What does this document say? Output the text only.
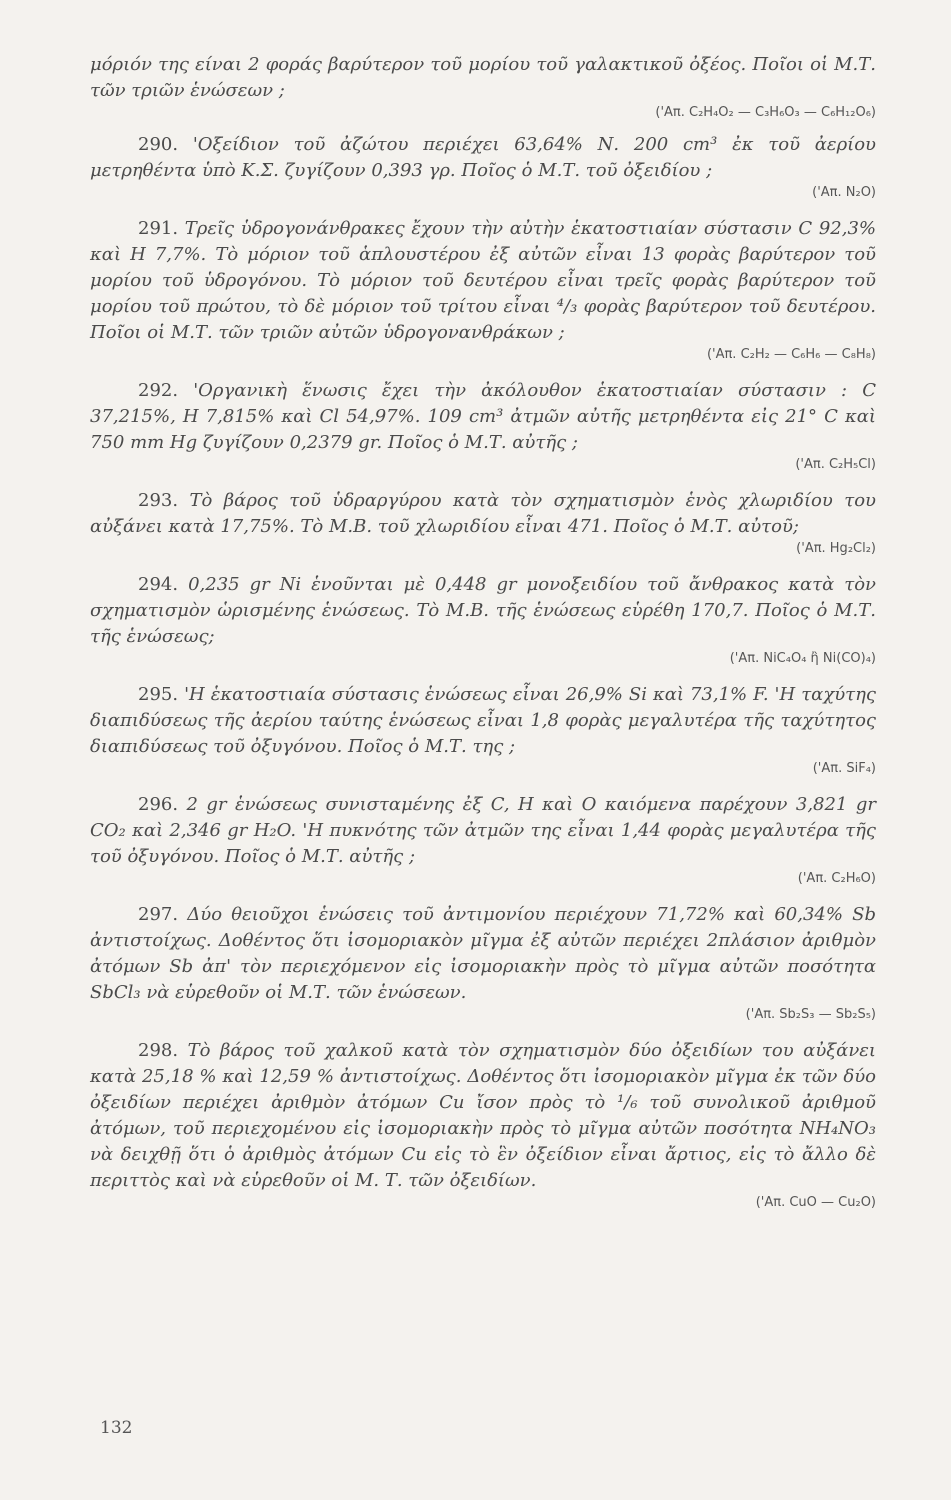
μόριόν της είναι 2 φοράς βαρύτερον τοῦ μορίου τοῦ γαλακτικοῦ ὀξέος. Ποῖοι οἱ Μ.Τ. τῶν τριῶν ἑνώσεων ;

('Απ. C₂H₄O₂ — C₃H₆O₃ — C₆H₁₂O₆)

290. 'Οξείδιον τοῦ ἀζώτου περιέχει 63,64% Ν. 200 cm³ ἐκ τοῦ ἀερίου μετρηθέντα ὑπὸ Κ.Σ. ζυγίζουν 0,393 γρ. Ποῖος ὁ Μ.Τ. τοῦ ὀξειδίου ;

('Απ. N₂O)

291. Τρεῖς ὑδρογονάνθρακες ἔχουν τὴν αὐτὴν ἑκατοστιαίαν σύστασιν C 92,3% καὶ Η 7,7%. Τὸ μόριον τοῦ ἁπλουστέρου ἐξ αὐτῶν εἶναι 13 φορὰς βαρύτερον τοῦ μορίου τοῦ ὑδρογόνου. Τὸ μόριον τοῦ δευτέρου εἶναι τρεῖς φορὰς βαρύτερον τοῦ μορίου τοῦ πρώτου, τὸ δὲ μόριον τοῦ τρίτου εἶναι ⁴/₃ φορὰς βαρύτερον τοῦ δευτέρου. Ποῖοι οἱ Μ.Τ. τῶν τριῶν αὐτῶν ὑδρογονανθράκων ;

('Απ. C₂H₂ — C₆H₆ — C₈H₈)

292. 'Οργανικὴ ἕνωσις ἔχει τὴν ἀκόλουθον ἑκατοστιαίαν σύστασιν : C 37,215%, Η 7,815% καὶ Cl 54,97%. 109 cm³ ἀτμῶν αὐτῆς μετρηθέντα εἰς 21° C καὶ 750 mm Hg ζυγίζουν 0,2379 gr. Ποῖος ὁ Μ.Τ. αὐτῆς ;

('Απ. C₂H₅Cl)

293. Τὸ βάρος τοῦ ὑδραργύρου κατὰ τὸν σχηματισμὸν ἑνὸς χλωριδίου του αὐξάνει κατὰ 17,75%. Τὸ Μ.Β. τοῦ χλωριδίου εἶναι 471. Ποῖος ὁ Μ.Τ. αὐτοῦ;

('Απ. Hg₂Cl₂)

294. 0,235 gr Ni ἑνοῦνται μὲ 0,448 gr μονοξειδίου τοῦ ἄνθρακος κατὰ τὸν σχηματισμὸν ὡρισμένης ἑνώσεως. Τὸ Μ.Β. τῆς ἑνώσεως εὑρέθη 170,7. Ποῖος ὁ Μ.Τ. τῆς ἑνώσεως;

('Απ. NiC₄O₄ ἢ Ni(CO)₄)

295. 'Η ἑκατοστιαία σύστασις ἑνώσεως εἶναι 26,9% Si καὶ 73,1% F. 'Η ταχύτης διαπιδύσεως τῆς ἀερίου ταύτης ἑνώσεως εἶναι 1,8 φορὰς μεγαλυτέρα τῆς ταχύτητος διαπιδύσεως τοῦ ὀξυγόνου. Ποῖος ὁ Μ.Τ. της ;

('Απ. SiF₄)

296. 2 gr ἑνώσεως συνισταμένης ἐξ C, H καὶ O καιόμενα παρέχουν 3,821 gr CO₂ καὶ 2,346 gr H₂O. 'Η πυκνότης τῶν ἀτμῶν της εἶναι 1,44 φορὰς μεγαλυτέρα τῆς τοῦ ὀξυγόνου. Ποῖος ὁ Μ.Τ. αὐτῆς ;

('Απ. C₂H₆O)

297. Δύο θειοῦχοι ἑνώσεις τοῦ ἀντιμονίου περιέχουν 71,72% καὶ 60,34% Sb ἀντιστοίχως. Δοθέντος ὅτι ἰσομοριακὸν μῖγμα ἐξ αὐτῶν περιέχει 2πλάσιον ἀριθμὸν ἀτόμων Sb ἀπ' τὸν περιεχόμενον εἰς ἰσομοριακὴν πρὸς τὸ μῖγμα αὐτῶν ποσότητα SbCl₃ νὰ εὑρεθοῦν οἱ Μ.Τ. τῶν ἑνώσεων.

('Απ. Sb₂S₃ — Sb₂S₅)

298. Τὸ βάρος τοῦ χαλκοῦ κατὰ τὸν σχηματισμὸν δύο ὀξειδίων του αὐξάνει κατὰ 25,18 % καὶ 12,59 % ἀντιστοίχως. Δοθέντος ὅτι ἰσομοριακὸν μῖγμα ἐκ τῶν δύο ὀξειδίων περιέχει ἀριθμὸν ἀτόμων Cu ἴσον πρὸς τὸ ¹/₆ τοῦ συνολικοῦ ἀριθμοῦ ἀτόμων, τοῦ περιεχομένου εἰς ἰσομοριακὴν πρὸς τὸ μῖγμα αὐτῶν ποσότητα NH₄NO₃ νὰ δειχθῇ ὅτι ὁ ἀριθμὸς ἀτόμων Cu εἰς τὸ ἓν ὀξείδιον εἶναι ἄρτιος, εἰς τὸ ἄλλο δὲ περιττὸς καὶ νὰ εὑρεθοῦν οἱ Μ. Τ. τῶν ὀξειδίων.

('Απ. CuO — Cu₂O)

132
